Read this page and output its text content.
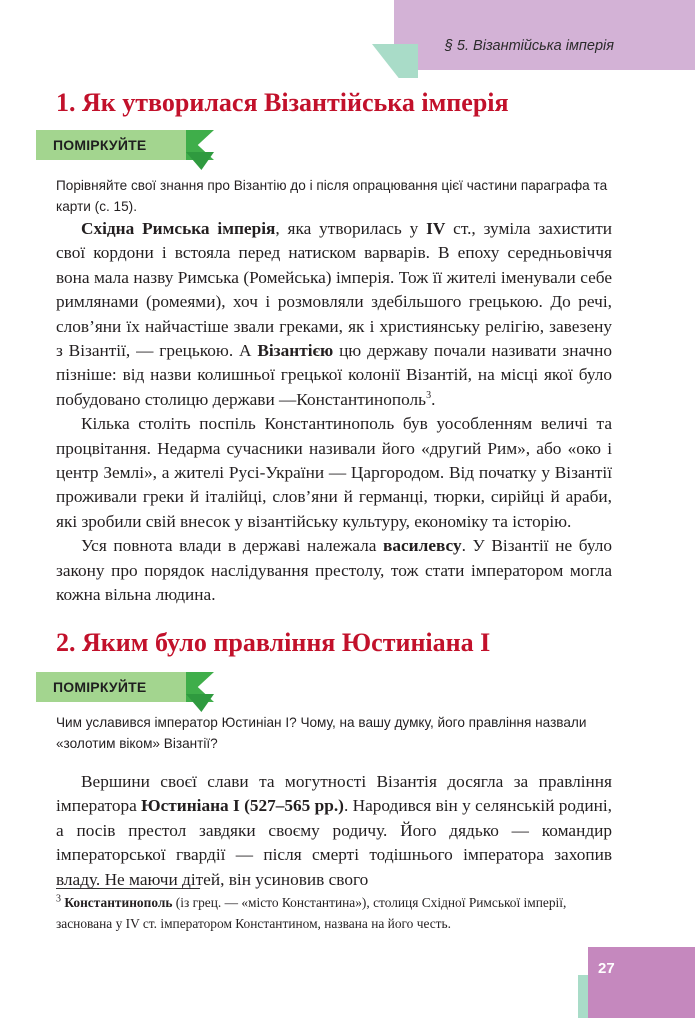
§ 5. Візантійська імперія
1. Як утворилася Візантійська імперія
ПОМІРКУЙТЕ
Порівняйте свої знання про Візантію до і після опрацювання цієї частини параграфа та карти (с. 15).

Східна Римська імперія, яка утворилась у IV ст., зуміла захистити свої кордони і встояла перед натиском варварів. В епоху середньовіччя вона мала назву Римська (Ромейська) імперія. Тож її жителі іменували себе римлянами (ромеями), хоч і розмовляли здебільшого грецькою. До речі, слов’яни їх найчастіше звали греками, як і християнську релігію, завезену з Візантії, — грецькою. А Візантією цю державу почали називати значно пізніше: від назви колишньої грецької колонії Візантій, на місці якої було побудовано столицю держави —Константинополь$^3$.

Кілька століть поспіль Константинополь був уособленням величі та процвітання. Недарма сучасники називали його «другий Рим», або «око і центр Землі», а жителі Русі-України — Царгородом. Від початку у Візантії проживали греки й італійці, слов’яни й германці, тюрки, сирійці й араби, які зробили свій внесок у візантійську культуру, економіку та історію.

Уся повнота влади в державі належала василевсу. У Візантії не було закону про порядок наслідування престолу, тож стати імператором могла кожна вільна людина.

2. Яким було правління Юстиніана І
ПОМІРКУЙТЕ
Чим уславився імператор Юстиніан І? Чому, на вашу думку, його правління назвали «золотим віком» Візантії?

Вершини своєї слави та могутності Візантія досягла за правління імператора Юстиніана І (527–565 рр.). Народився він у селянській родині, а посів престол завдяки своєму родичу. Його дядько — командир імператорської гвардії — після смерті тодішнього імператора захопив владу. Не маючи дітей, він усиновив свого

$^3$ Константинополь (із грец. — «місто Константина»), столиця Східної Римської імперії, заснована у IV ст. імператором Константином, названа на його честь.
27
